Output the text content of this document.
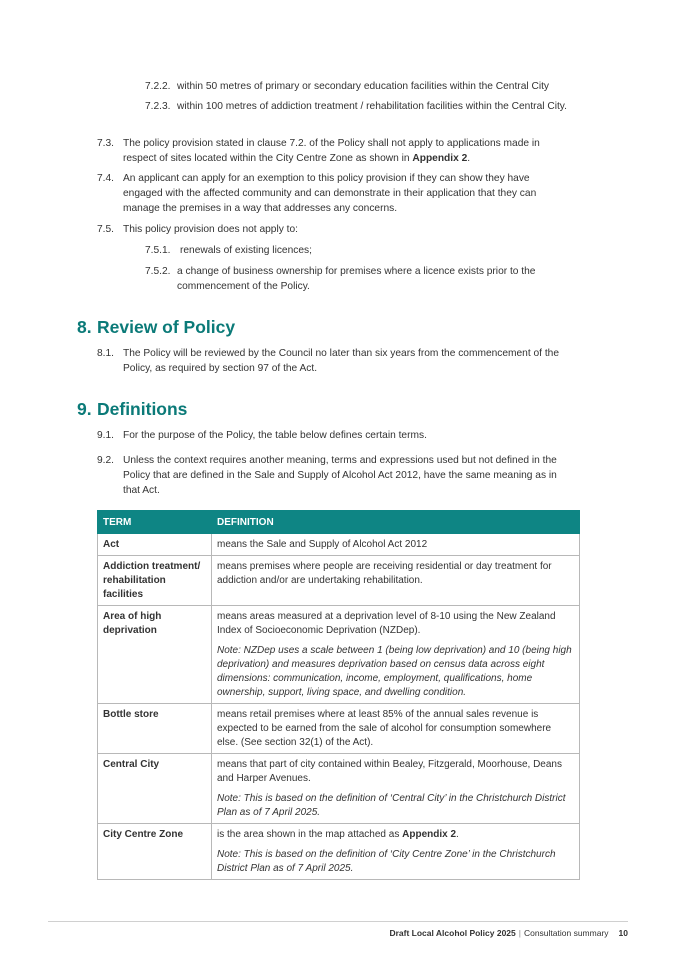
7.2.2. within 50 metres of primary or secondary education facilities within the Central City
7.2.3. within 100 metres of addiction treatment / rehabilitation facilities within the Central City.
7.3. The policy provision stated in clause 7.2. of the Policy shall not apply to applications made in respect of sites located within the City Centre Zone as shown in Appendix 2.
7.4. An applicant can apply for an exemption to this policy provision if they can show they have engaged with the affected community and can demonstrate in their application that they can manage the premises in a way that addresses any concerns.
7.5. This policy provision does not apply to:
7.5.1. renewals of existing licences;
7.5.2. a change of business ownership for premises where a licence exists prior to the commencement of the Policy.
8. Review of Policy
8.1. The Policy will be reviewed by the Council no later than six years from the commencement of the Policy, as required by section 97 of the Act.
9. Definitions
9.1. For the purpose of the Policy, the table below defines certain terms.
9.2. Unless the context requires another meaning, terms and expressions used but not defined in the Policy that are defined in the Sale and Supply of Alcohol Act 2012, have the same meaning as in that Act.
TERM	DEFINITION
Act	means the Sale and Supply of Alcohol Act 2012

Addiction treatment/ rehabilitation facilities	means premises where people are receiving residential or day treatment for addiction and/or are undertaking rehabilitation.

Area of high deprivation	means areas measured at a deprivation level of 8-10 using the New Zealand Index of Socioeconomic Deprivation (NZDep).

Note: NZDep uses a scale between 1 (being low deprivation) and 10 (being high deprivation) and measures deprivation based on census data across eight dimensions: communication, income, employment, qualifications, home ownership, support, living space, and dwelling condition.

Bottle store	means retail premises where at least 85% of the annual sales revenue is expected to be earned from the sale of alcohol for consumption somewhere else. (See section 32(1) of the Act).

Central City	means that part of city contained within Bealey, Fitzgerald, Moorhouse, Deans and Harper Avenues.

Note: This is based on the definition of ‘Central City’ in the Christchurch District Plan as of 7 April 2025.

City Centre Zone	is the area shown in the map attached as Appendix 2.

Note: This is based on the definition of ‘City Centre Zone’ in the Christchurch District Plan as of 7 April 2025.

Draft Local Alcohol Policy 2025 | Consultation summary 10
